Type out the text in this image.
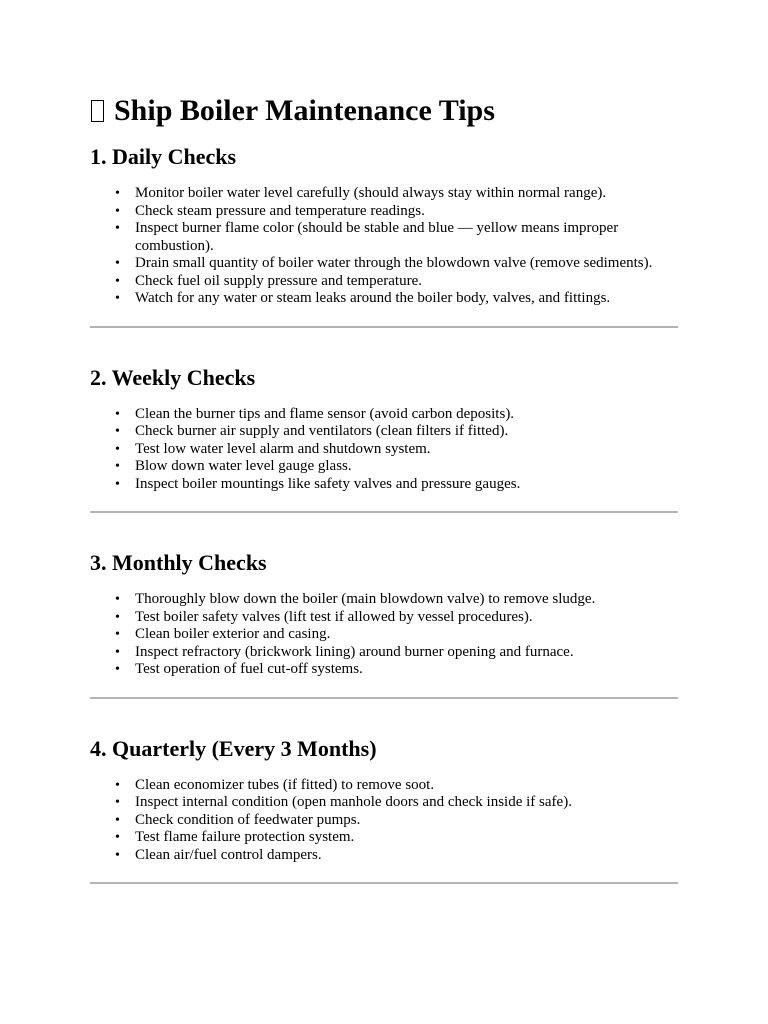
Ship Boiler Maintenance Tips
1. Daily Checks
• Monitor boiler water level carefully (should always stay within normal range).
• Check steam pressure and temperature readings.
• Inspect burner flame color (should be stable and blue — yellow means improper combustion).
• Drain small quantity of boiler water through the blowdown valve (remove sediments).
• Check fuel oil supply pressure and temperature.
• Watch for any water or steam leaks around the boiler body, valves, and fittings.
2. Weekly Checks
• Clean the burner tips and flame sensor (avoid carbon deposits).
• Check burner air supply and ventilators (clean filters if fitted).
• Test low water level alarm and shutdown system.
• Blow down water level gauge glass.
• Inspect boiler mountings like safety valves and pressure gauges.
3. Monthly Checks
• Thoroughly blow down the boiler (main blowdown valve) to remove sludge.
• Test boiler safety valves (lift test if allowed by vessel procedures).
• Clean boiler exterior and casing.
• Inspect refractory (brickwork lining) around burner opening and furnace.
• Test operation of fuel cut-off systems.
4. Quarterly (Every 3 Months)
• Clean economizer tubes (if fitted) to remove soot.
• Inspect internal condition (open manhole doors and check inside if safe).
• Check condition of feedwater pumps.
• Test flame failure protection system.
• Clean air/fuel control dampers.
